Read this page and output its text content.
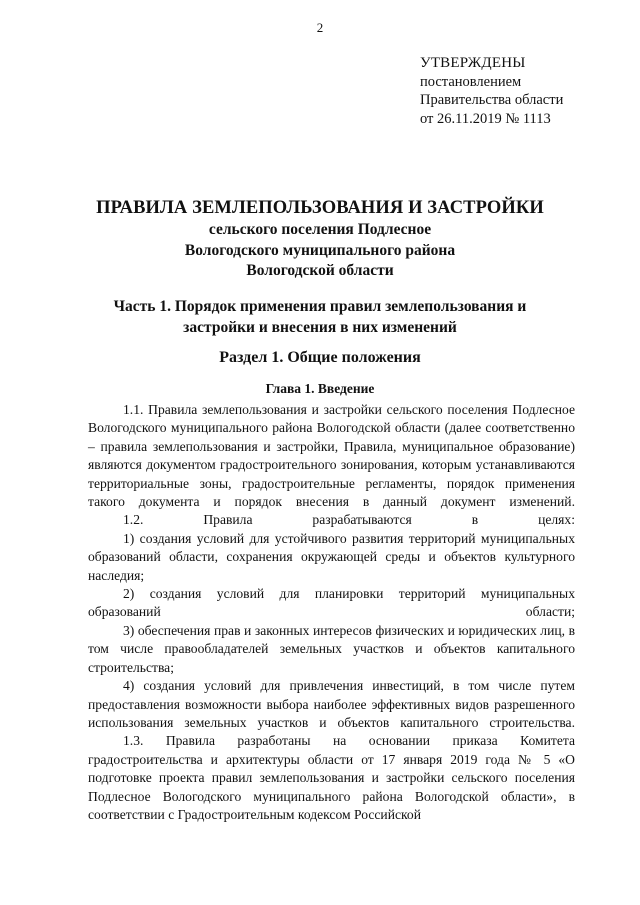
2
УТВЕРЖДЕНЫ
постановлением
Правительства области
от 26.11.2019 № 1113
ПРАВИЛА ЗЕМЛЕПОЛЬЗОВАНИЯ И ЗАСТРОЙКИ
сельского поселения Подлесное
Вологодского муниципального района
Вологодской области
Часть 1. Порядок применения правил землепользования и
застройки и внесения в них изменений
Раздел 1. Общие положения
Глава 1. Введение

1.1. Правила землепользования и застройки сельского поселения Подлесное Вологодского муниципального района Вологодской области (далее соответственно – правила землепользования и застройки, Правила, муниципальное образование) являются документом градостроительного зонирования, которым устанавливаются территориальные зоны, градостроительные регламенты, порядок применения такого документа и порядок внесения в данный документ изменений.

1.2. Правила разрабатываются в целях:

1) создания условий для устойчивого развития территорий муниципальных образований области, сохранения окружающей среды и объектов культурного наследия;

2) создания условий для планировки территорий муниципальных образований области;

3) обеспечения прав и законных интересов физических и юридических лиц, в том числе правообладателей земельных участков и объектов капитального строительства;

4) создания условий для привлечения инвестиций, в том числе путем предоставления возможности выбора наиболее эффективных видов разрешенного использования земельных участков и объектов капитального строительства.

1.3. Правила разработаны на основании приказа Комитета градостроительства и архитектуры области от 17 января 2019 года № 5 «О подготовке проекта правил землепользования и застройки сельского поселения Подлесное Вологодского муниципального района Вологодской области», в соответствии с Градостроительным кодексом Российской
